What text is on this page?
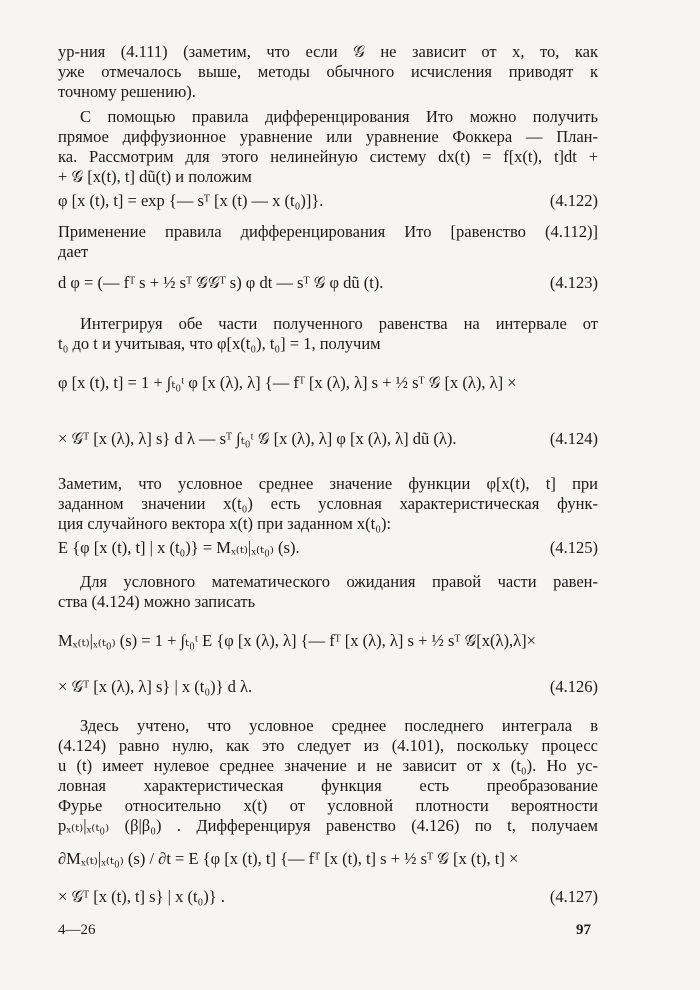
ур-ния (4.111) (заметим, что если 𝒢 не зависит от x, то, как
уже отмечалось выше, методы обычного исчисления приводят к
точному решению).
С помощью правила дифференцирования Ито можно получить
прямое диффузионное уравнение или уравнение Фоккера — План-
ка. Рассмотрим для этого нелинейную систему dx(t) = f[x(t), t]dt +
+ 𝒢 [x(t), t] dũ(t) и положим
φ [x (t), t] = exp {— sᵀ [x (t) — x (t₀)]}.	(4.122)
Применение правила дифференцирования Ито [равенство (4.112)]
дает
d φ = (— fᵀ s + ½ sᵀ 𝒢𝒢ᵀ s) φ dt — sᵀ 𝒢 φ dũ (t).	(4.123)
Интегрируя обе части полученного равенства на интервале от
t₀ до t и учитывая, что φ[x(t₀), t₀] = 1, получим
φ [x (t), t] = 1 + ∫ₜ₀ᵗ φ [x (λ), λ] {— fᵀ [x (λ), λ] s + ½ sᵀ 𝒢 [x (λ), λ] ×
× 𝒢ᵀ [x (λ), λ] s} d λ — sᵀ ∫ₜ₀ᵗ 𝒢 [x (λ), λ] φ [x (λ), λ] dũ (λ).	(4.124)
Заметим, что условное среднее значение функции φ[x(t), t] при
заданном значении x(t₀) есть условная характеристическая функ-
ция случайного вектора x(t) при заданном x(t₀):
E {φ [x (t), t] | x (t₀)} = Mₓ₍ₜ₎|ₓ₍ₜ₀₎ (s).	(4.125)
Для условного математического ожидания правой части равен-
ства (4.124) можно записать
Mₓ₍ₜ₎|ₓ₍ₜ₀₎ (s) = 1 + ∫ₜ₀ᵗ E {φ [x (λ), λ] {— fᵀ [x (λ), λ] s + ½ sᵀ 𝒢[x(λ),λ]×
× 𝒢ᵀ [x (λ), λ] s} | x (t₀)} d λ.	(4.126)
Здесь учтено, что условное среднее последнего интеграла в
(4.124) равно нулю, как это следует из (4.101), поскольку процесс
u (t) имеет нулевое среднее значение и не зависит от x (t₀). Но ус-
ловная характеристическая функция есть преобразование
Фурье относительно x(t) от условной плотности вероятности
pₓ₍ₜ₎|ₓ₍ₜ₀₎ (β|β₀) . Дифференцируя равенство (4.126) по t, получаем
∂Mₓ₍ₜ₎|ₓ₍ₜ₀₎ (s) / ∂t = E {φ [x (t), t] {— fᵀ [x (t), t] s + ½ sᵀ 𝒢 [x (t), t] ×
× 𝒢ᵀ [x (t), t] s} | x (t₀)} .	(4.127)
4—26	97
